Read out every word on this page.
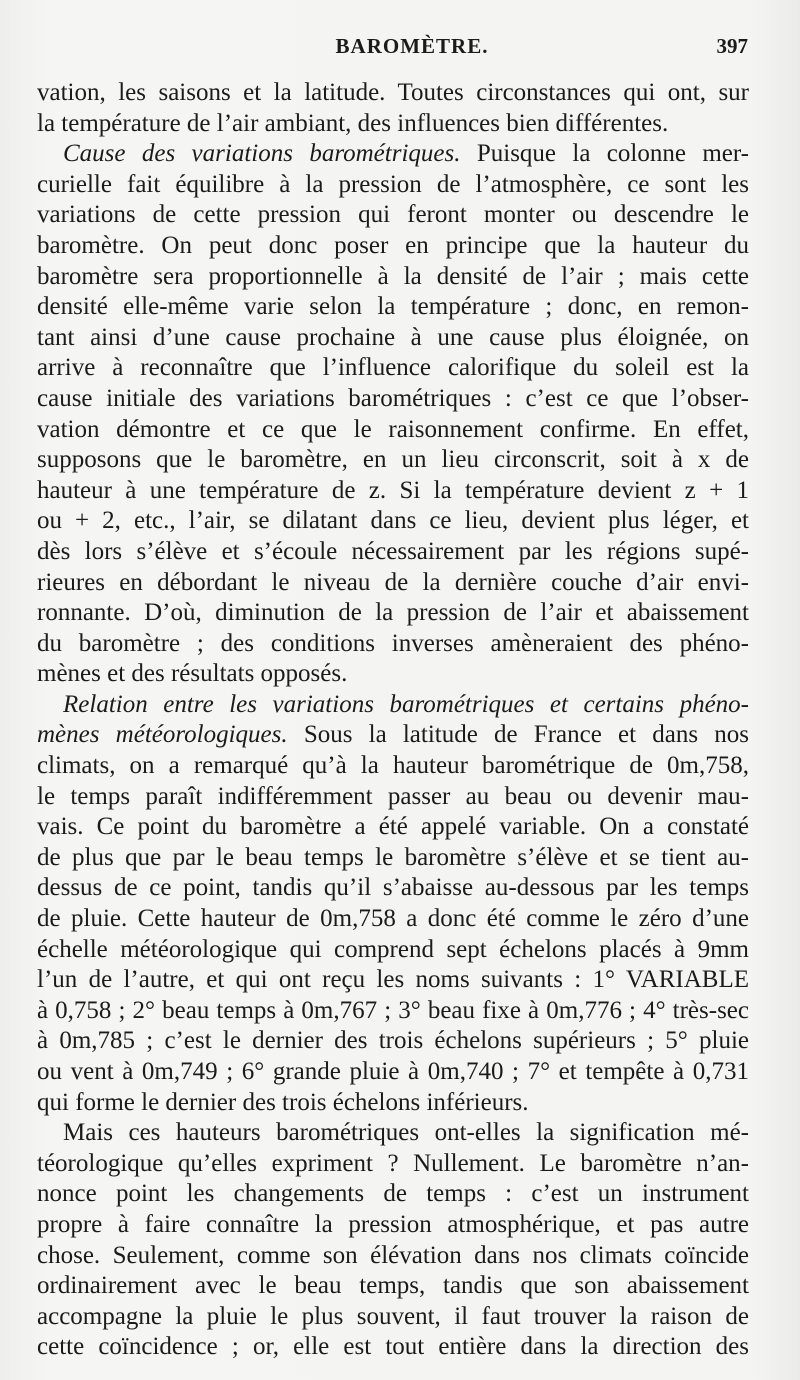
BAROMÈTRE.	397
vation, les saisons et la latitude. Toutes circonstances qui ont, sur
la température de l’air ambiant, des influences bien différentes.
Cause des variations barométriques. Puisque la colonne mer-
curielle fait équilibre à la pression de l’atmosphère, ce sont les
variations de cette pression qui feront monter ou descendre le
baromètre. On peut donc poser en principe que la hauteur du
baromètre sera proportionnelle à la densité de l’air ; mais cette
densité elle-même varie selon la température ; donc, en remon-
tant ainsi d’une cause prochaine à une cause plus éloignée, on
arrive à reconnaître que l’influence calorifique du soleil est la
cause initiale des variations barométriques : c’est ce que l’obser-
vation démontre et ce que le raisonnement confirme. En effet,
supposons que le baromètre, en un lieu circonscrit, soit à x de
hauteur à une température de z. Si la température devient z + 1
ou + 2, etc., l’air, se dilatant dans ce lieu, devient plus léger, et
dès lors s’élève et s’écoule nécessairement par les régions supé-
rieures en débordant le niveau de la dernière couche d’air envi-
ronnante. D’où, diminution de la pression de l’air et abaissement
du baromètre ; des conditions inverses amèneraient des phéno-
mènes et des résultats opposés.
Relation entre les variations barométriques et certains phéno-
mènes météorologiques. Sous la latitude de France et dans nos
climats, on a remarqué qu’à la hauteur barométrique de 0m,758,
le temps paraît indifféremment passer au beau ou devenir mau-
vais. Ce point du baromètre a été appelé variable. On a constaté
de plus que par le beau temps le baromètre s’élève et se tient au-
dessus de ce point, tandis qu’il s’abaisse au-dessous par les temps
de pluie. Cette hauteur de 0m,758 a donc été comme le zéro d’une
échelle météorologique qui comprend sept échelons placés à 9mm
l’un de l’autre, et qui ont reçu les noms suivants : 1° VARIABLE
à 0,758 ; 2° beau temps à 0m,767 ; 3° beau fixe à 0m,776 ; 4° très-sec
à 0m,785 ; c’est le dernier des trois échelons supérieurs ; 5° pluie
ou vent à 0m,749 ; 6° grande pluie à 0m,740 ; 7° et tempête à 0,731
qui forme le dernier des trois échelons inférieurs.
Mais ces hauteurs barométriques ont-elles la signification mé-
téorologique qu’elles expriment ? Nullement. Le baromètre n’an-
nonce point les changements de temps : c’est un instrument
propre à faire connaître la pression atmosphérique, et pas autre
chose. Seulement, comme son élévation dans nos climats coïncide
ordinairement avec le beau temps, tandis que son abaissement
accompagne la pluie le plus souvent, il faut trouver la raison de
cette coïncidence ; or, elle est tout entière dans la direction des
